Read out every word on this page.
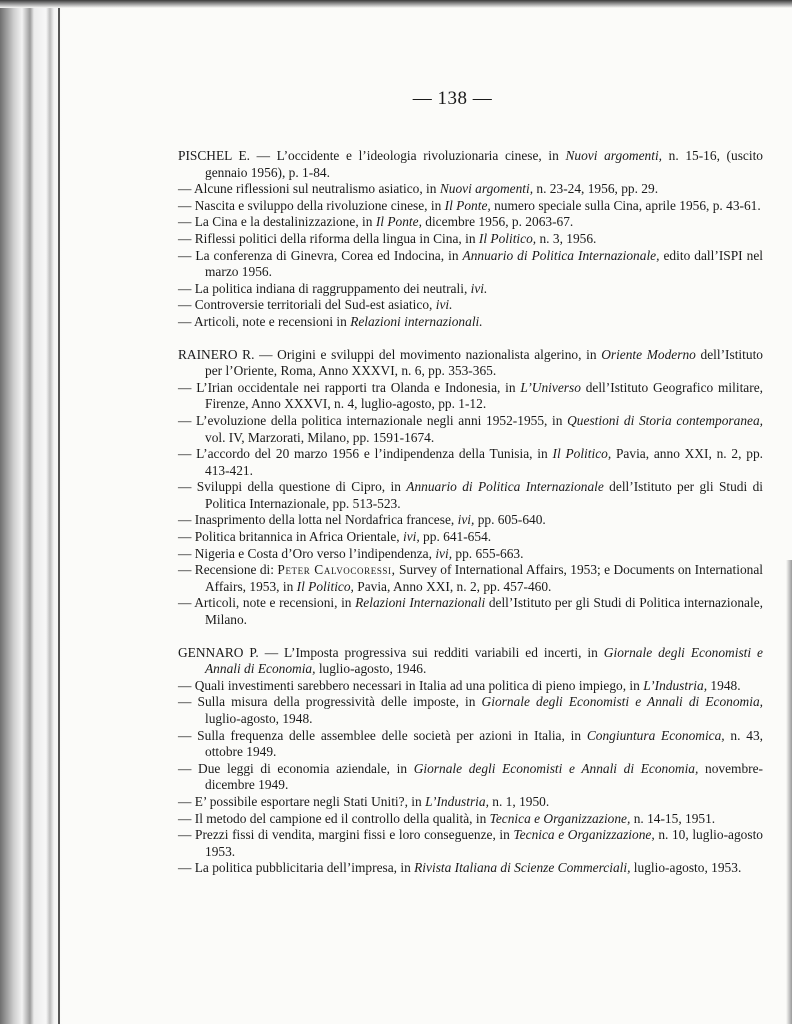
— 138 —
PISCHEL E. — L’occidente e l’ideologia rivoluzionaria cinese, in Nuovi argomenti, n. 15-16, (uscito gennaio 1956), p. 1-84.
— Alcune riflessioni sul neutralismo asiatico, in Nuovi argomenti, n. 23-24, 1956, pp. 29.
— Nascita e sviluppo della rivoluzione cinese, in Il Ponte, numero speciale sulla Cina, aprile 1956, p. 43-61.
— La Cina e la destalinizzazione, in Il Ponte, dicembre 1956, p. 2063-67.
— Riflessi politici della riforma della lingua in Cina, in Il Politico, n. 3, 1956.
— La conferenza di Ginevra, Corea ed Indocina, in Annuario di Politica Internazionale, edito dall’ISPI nel marzo 1956.
— La politica indiana di raggruppamento dei neutrali, ivi.
— Controversie territoriali del Sud-est asiatico, ivi.
— Articoli, note e recensioni in Relazioni internazionali.
RAINERO R. — Origini e sviluppi del movimento nazionalista algerino, in Oriente Moderno dell’Istituto per l’Oriente, Roma, Anno XXXVI, n. 6, pp. 353-365.
— L’Irian occidentale nei rapporti tra Olanda e Indonesia, in L’Universo dell’Istituto Geografico militare, Firenze, Anno XXXVI, n. 4, luglio-agosto, pp. 1-12.
— L’evoluzione della politica internazionale negli anni 1952-1955, in Questioni di Storia contemporanea, vol. IV, Marzorati, Milano, pp. 1591-1674.
— L’accordo del 20 marzo 1956 e l’indipendenza della Tunisia, in Il Politico, Pavia, anno XXI, n. 2, pp. 413-421.
— Sviluppi della questione di Cipro, in Annuario di Politica Internazionale dell’Istituto per gli Studi di Politica Internazionale, pp. 513-523.
— Inasprimento della lotta nel Nordafrica francese, ivi, pp. 605-640.
— Politica britannica in Africa Orientale, ivi, pp. 641-654.
— Nigeria e Costa d’Oro verso l’indipendenza, ivi, pp. 655-663.
— Recensione di: Peter Calvocoressi, Survey of International Affairs, 1953; e Documents on International Affairs, 1953, in Il Politico, Pavia, Anno XXI, n. 2, pp. 457-460.
— Articoli, note e recensioni, in Relazioni Internazionali dell’Istituto per gli Studi di Politica internazionale, Milano.
GENNARO P. — L’Imposta progressiva sui redditi variabili ed incerti, in Giornale degli Economisti e Annali di Economia, luglio-agosto, 1946.
— Quali investimenti sarebbero necessari in Italia ad una politica di pieno impiego, in L’Industria, 1948.
— Sulla misura della progressività delle imposte, in Giornale degli Economisti e Annali di Economia, luglio-agosto, 1948.
— Sulla frequenza delle assemblee delle società per azioni in Italia, in Congiuntura Economica, n. 43, ottobre 1949.
— Due leggi di economia aziendale, in Giornale degli Economisti e Annali di Economia, novembre-dicembre 1949.
— E’ possibile esportare negli Stati Uniti?, in L’Industria, n. 1, 1950.
— Il metodo del campione ed il controllo della qualità, in Tecnica e Organizzazione, n. 14-15, 1951.
— Prezzi fissi di vendita, margini fissi e loro conseguenze, in Tecnica e Organizzazione, n. 10, luglio-agosto 1953.
— La politica pubblicitaria dell’impresa, in Rivista Italiana di Scienze Commerciali, luglio-agosto, 1953.
